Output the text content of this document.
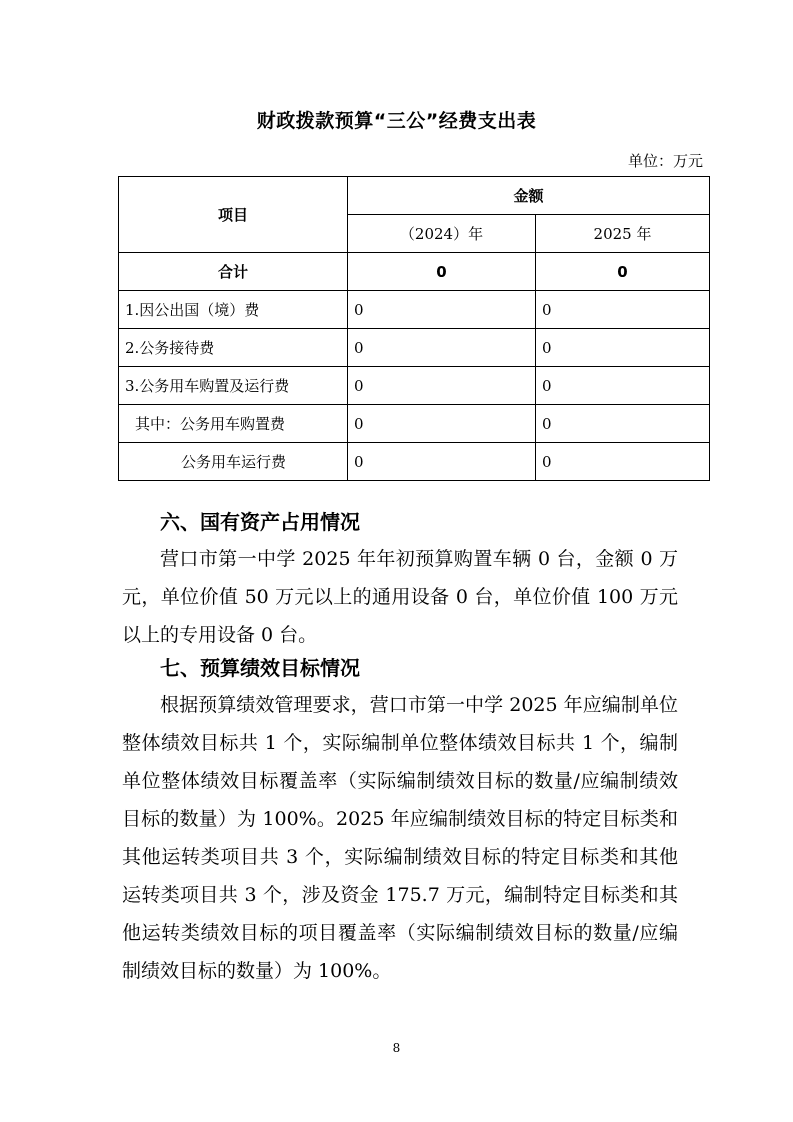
财政拨款预算“三公”经费支出表
单位：万元
项目	金额	
	（2024）年	2025 年
合计	0	0
1.因公出国（境）费	0	0
2.公务接待费	0	0
3.公务用车购置及运行费	0	0
其中：公务用车购置费	0	0
公务用车运行费	0	0
六、国有资产占用情况

营口市第一中学 2025 年年初预算购置车辆 0 台，金额 0 万元，单位价值 50 万元以上的通用设备 0 台，单位价值 100 万元以上的专用设备 0 台。

七、预算绩效目标情况

根据预算绩效管理要求，营口市第一中学 2025 年应编制单位整体绩效目标共 1 个，实际编制单位整体绩效目标共 1 个，编制单位整体绩效目标覆盖率（实际编制绩效目标的数量/应编制绩效目标的数量）为 100%。2025 年应编制绩效目标的特定目标类和其他运转类项目共 3 个，实际编制绩效目标的特定目标类和其他运转类项目共 3 个，涉及资金 175.7 万元，编制特定目标类和其他运转类绩效目标的项目覆盖率（实际编制绩效目标的数量/应编制绩效目标的数量）为 100%。

8
